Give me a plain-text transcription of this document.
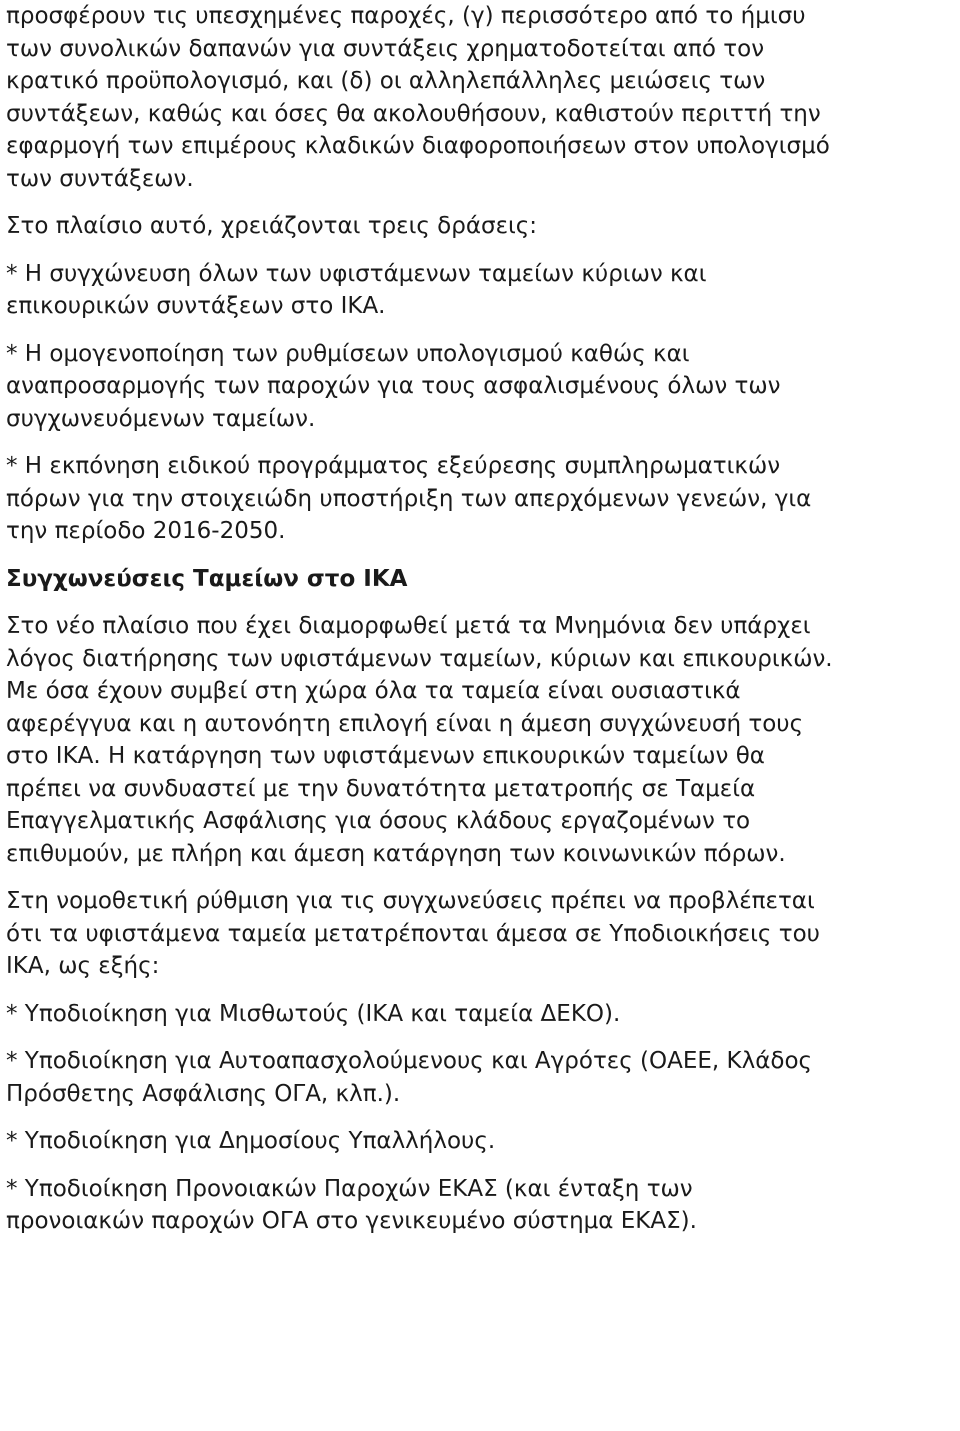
προσφέρουν τις υπεσχημένες παροχές, (γ) περισσότερο από το ήμισυ
των συνολικών δαπανών για συντάξεις χρηματοδοτείται από τον
κρατικό προϋπολογισμό, και (δ) οι αλληλεπάλληλες μειώσεις των
συντάξεων, καθώς και όσες θα ακολουθήσουν, καθιστούν περιττή την
εφαρμογή των επιμέρους κλαδικών διαφοροποιήσεων στον υπολογισμό
των συντάξεων.

Στο πλαίσιο αυτό, χρειάζονται τρεις δράσεις:

* Η συγχώνευση όλων των υφιστάμενων ταμείων κύριων και
επικουρικών συντάξεων στο ΙΚΑ.

* Η ομογενοποίηση των ρυθμίσεων υπολογισμού καθώς και
αναπροσαρμογής των παροχών για τους ασφαλισμένους όλων των
συγχωνευόμενων ταμείων.

* Η εκπόνηση ειδικού προγράμματος εξεύρεσης συμπληρωματικών
πόρων για την στοιχειώδη υποστήριξη των απερχόμενων γενεών, για
την περίοδο 2016-2050.

Συγχωνεύσεις Ταμείων στο ΙΚΑ

Στο νέο πλαίσιο που έχει διαμορφωθεί μετά τα Μνημόνια δεν υπάρχει
λόγος διατήρησης των υφιστάμενων ταμείων, κύριων και επικουρικών.
Με όσα έχουν συμβεί στη χώρα όλα τα ταμεία είναι ουσιαστικά
αφερέγγυα και η αυτονόητη επιλογή είναι η άμεση συγχώνευσή τους
στο ΙΚΑ. Η κατάργηση των υφιστάμενων επικουρικών ταμείων θα
πρέπει να συνδυαστεί με την δυνατότητα μετατροπής σε Ταμεία
Επαγγελματικής Ασφάλισης για όσους κλάδους εργαζομένων το
επιθυμούν, με πλήρη και άμεση κατάργηση των κοινωνικών πόρων.

Στη νομοθετική ρύθμιση για τις συγχωνεύσεις πρέπει να προβλέπεται
ότι τα υφιστάμενα ταμεία μετατρέπονται άμεσα σε Υποδιοικήσεις του
ΙΚΑ, ως εξής:

* Υποδιοίκηση για Μισθωτούς (ΙΚΑ και ταμεία ΔΕΚΟ).

* Υποδιοίκηση για Αυτοαπασχολούμενους και Αγρότες (ΟΑΕΕ, Κλάδος
Πρόσθετης Ασφάλισης ΟΓΑ, κλπ.).

* Υποδιοίκηση για Δημοσίους Υπαλλήλους.

* Υποδιοίκηση Προνοιακών Παροχών ΕΚΑΣ (και ένταξη των
προνοιακών παροχών ΟΓΑ στο γενικευμένο σύστημα ΕΚΑΣ).
